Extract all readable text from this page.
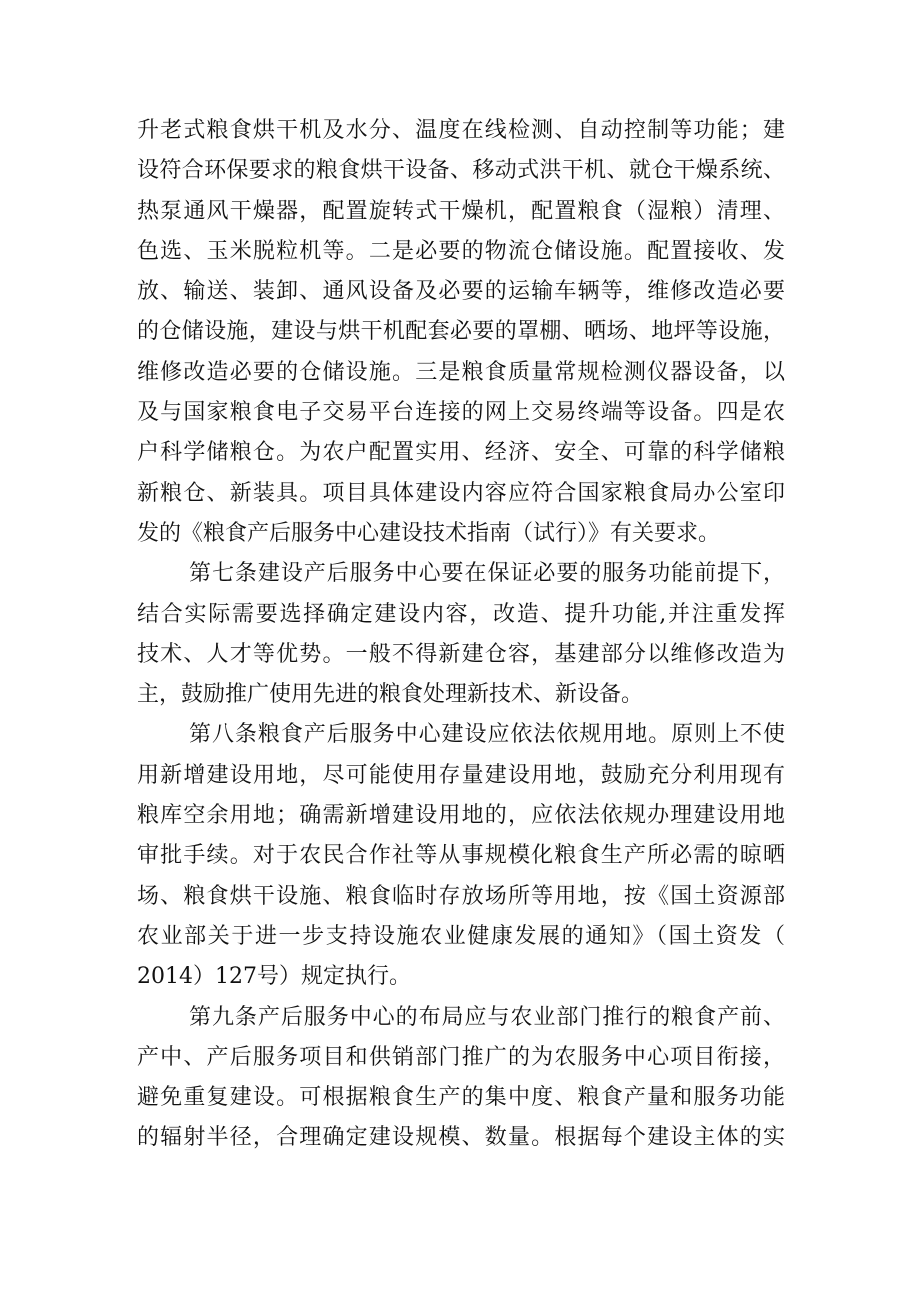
升老式粮食烘干机及水分、温度在线检测、自动控制等功能；建
设符合环保要求的粮食烘干设备、移动式洪干机、就仓干燥系统、
热泵通风干燥器，配置旋转式干燥机，配置粮食（湿粮）清理、
色选、玉米脱粒机等。二是必要的物流仓储设施。配置接收、发
放、输送、装卸、通风设备及必要的运输车辆等，维修改造必要
的仓储设施，建设与烘干机配套必要的罩棚、晒场、地坪等设施，
维修改造必要的仓储设施。三是粮食质量常规检测仪器设备，以
及与国家粮食电子交易平台连接的网上交易终端等设备。四是农
户科学储粮仓。为农户配置实用、经济、安全、可靠的科学储粮
新粮仓、新装具。项目具体建设内容应符合国家粮食局办公室印
发的《粮食产后服务中心建设技术指南（试行）》有关要求。
第七条建设产后服务中心要在保证必要的服务功能前提下，
结合实际需要选择确定建设内容，改造、提升功能,并注重发挥
技术、人才等优势。一般不得新建仓容，基建部分以维修改造为
主，鼓励推广使用先进的粮食处理新技术、新设备。
第八条粮食产后服务中心建设应依法依规用地。原则上不使
用新增建设用地，尽可能使用存量建设用地，鼓励充分利用现有
粮库空余用地；确需新增建设用地的，应依法依规办理建设用地
审批手续。对于农民合作社等从事规模化粮食生产所必需的晾晒
场、粮食烘干设施、粮食临时存放场所等用地，按《国土资源部
农业部关于进一步支持设施农业健康发展的通知》（国土资发（
2014）127号）规定执行。
第九条产后服务中心的布局应与农业部门推行的粮食产前、
产中、产后服务项目和供销部门推广的为农服务中心项目衔接，
避免重复建设。可根据粮食生产的集中度、粮食产量和服务功能
的辐射半径，合理确定建设规模、数量。根据每个建设主体的实
